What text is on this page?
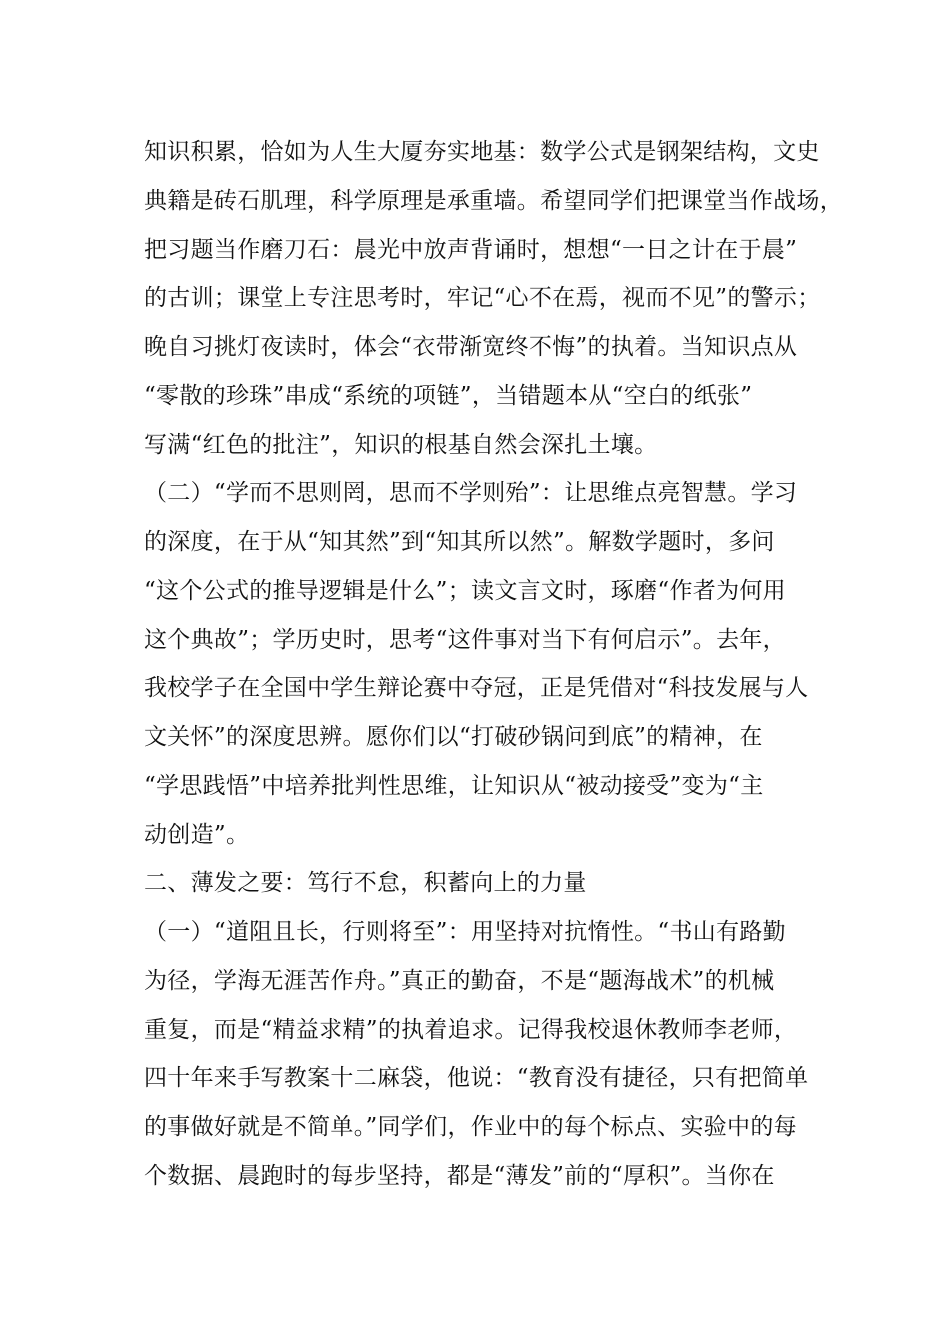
知识积累，恰如为人生大厦夯实地基：数学公式是钢架结构，文史
典籍是砖石肌理，科学原理是承重墙。希望同学们把课堂当作战场，
把习题当作磨刀石：晨光中放声背诵时，想想“一日之计在于晨”
的古训；课堂上专注思考时，牢记“心不在焉，视而不见”的警示；
晚自习挑灯夜读时，体会“衣带渐宽终不悔”的执着。当知识点从
“零散的珍珠”串成“系统的项链”，当错题本从“空白的纸张”
写满“红色的批注”，知识的根基自然会深扎土壤。
（二）“学而不思则罔，思而不学则殆”：让思维点亮智慧。学习
的深度，在于从“知其然”到“知其所以然”。解数学题时，多问
“这个公式的推导逻辑是什么”；读文言文时，琢磨“作者为何用
这个典故”；学历史时，思考“这件事对当下有何启示”。去年，
我校学子在全国中学生辩论赛中夺冠，正是凭借对“科技发展与人
文关怀”的深度思辨。愿你们以“打破砂锅问到底”的精神，在
“学思践悟”中培养批判性思维，让知识从“被动接受”变为“主
动创造”。
二、薄发之要：笃行不怠，积蓄向上的力量
（一）“道阻且长，行则将至”：用坚持对抗惰性。“书山有路勤
为径，学海无涯苦作舟。”真正的勤奋，不是“题海战术”的机械
重复，而是“精益求精”的执着追求。记得我校退休教师李老师，
四十年来手写教案十二麻袋，他说：“教育没有捷径，只有把简单
的事做好就是不简单。”同学们，作业中的每个标点、实验中的每
个数据、晨跑时的每步坚持，都是“薄发”前的“厚积”。当你在
